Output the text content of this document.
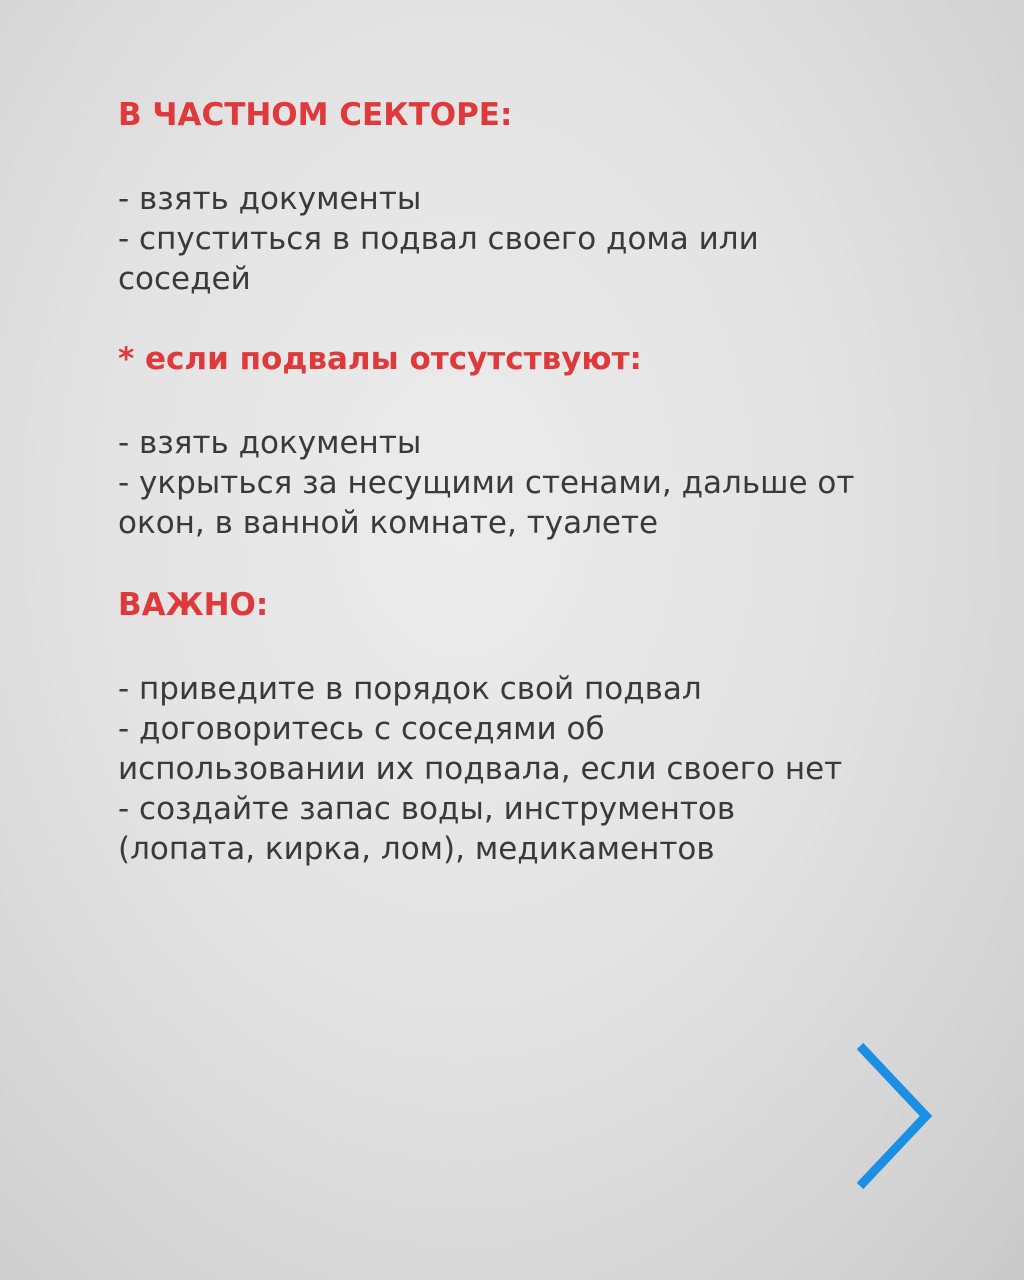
В ЧАСТНОМ СЕКТОРЕ:

- взять документы
- спуститься в подвал своего дома или
соседей

* если подвалы отсутствуют:

- взять документы
- укрыться за несущими стенами, дальше от
окон, в ванной комнате, туалете

ВАЖНО:

- приведите в порядок свой подвал
- договоритесь с соседями об
использовании их подвала, если своего нет
- создайте запас воды, инструментов
(лопата, кирка, лом), медикаментов
